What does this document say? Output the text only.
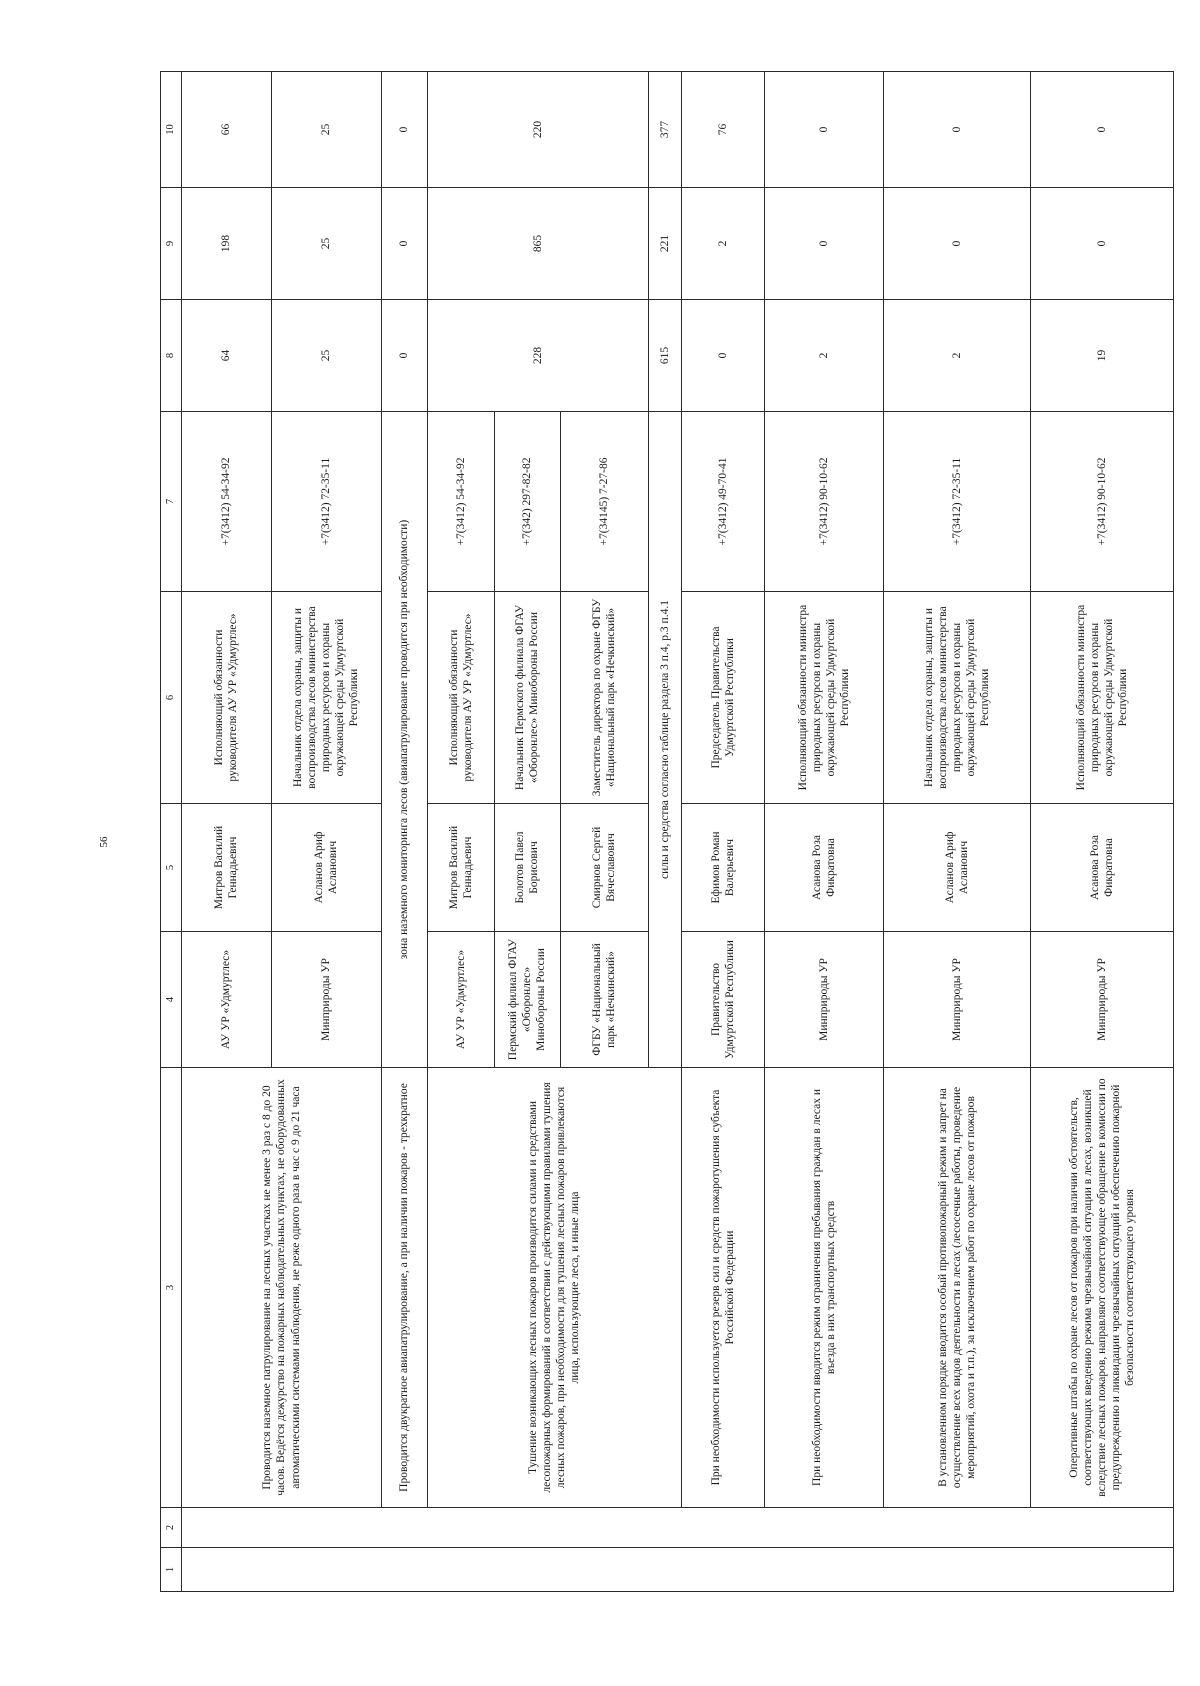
56
1	2	3	4	5	6	7	8	9	10
		Проводится наземное патрулирование на лесных участках не менее 3 раз с 8 до 20 часов. Ведётся дежурство на пожарных наблюдательных пунктах, не оборудованных автоматическими системами наблюдения, не реже одного раза в час с 9 до 21 часа	АУ УР «Удмуртлес»	Митров Василий Геннадьевич	Исполняющий обязанности руководителя АУ УР «Удмуртлес»	+7(3412) 54-34-92	64	198	66
			Минприроды УР	Асланов Ариф Асланович	Начальник отдела охраны, защиты и воспроизводства лесов министерства природных ресурсов и охраны окружающей среды Удмуртской Республики	+7(3412) 72-35-11	25	25	25
		Проводится двукратное авиапатрулирование, а при наличии пожаров - трехкратное	зона наземного мониторинга лесов (авиапатрулирование проводится при необходимости)				0	0	0
		Тушение возникающих лесных пожаров производится силами и средствами лесопожарных формирований в соответствии с действующими правилами тушения лесных пожаров, при необходимости для тушения лесных пожаров привлекаются лица, использующие леса, и иные лица	АУ УР «Удмуртлес»	Митров Василий Геннадьевич	Исполняющий обязанности руководителя АУ УР «Удмуртлес»	+7(3412) 54-34-92	228	865	220
			Пермский филиал ФГАУ «Оборонлес» Минобороны России	Болотов Павел Борисович	Начальник Пермского филиала ФГАУ «Оборонлес» Минобороны России	+7(342) 297-82-82			
			ФГБУ «Национальный парк «Нечкинский»	Смирнов Сергей Вячеславович	Заместитель директора по охране ФГБУ «Национальный парк «Нечкинский»	+7(34145) 7-27-86			
			силы и средства согласно таблице раздела 3 п.4, р.3 п.4.1				615	221	377
		При необходимости используется резерв сил и средств пожаротушения субъекта Российской Федерации	Правительство Удмуртской Республики	Ефимов Роман Валерьевич	Председатель Правительства Удмуртской Республики	+7(3412) 49-70-41	0	2	76
		При необходимости вводится режим ограничения пребывания граждан в лесах и въезда в них транспортных средств	Минприроды УР	Асанова Роза Фикратовна	Исполняющий обязанности министра природных ресурсов и охраны окружающей среды Удмуртской Республики	+7(3412) 90-10-62	2	0	0
		В установленном порядке вводится особый противопожарный режим и запрет на осуществление всех видов деятельности в лесах (лесосечные работы, проведение мероприятий, охота и т.п.), за исключением работ по охране лесов от пожаров	Минприроды УР	Асланов Ариф Асланович	Начальник отдела охраны, защиты и воспроизводства лесов министерства природных ресурсов и охраны окружающей среды Удмуртской Республики	+7(3412) 72-35-11	2	0	0
		Оперативные штабы по охране лесов от пожаров при наличии обстоятельств, соответствующих введению режима чрезвычайной ситуации в лесах, возникшей вследствие лесных пожаров, направляют соответствующее обращение в комиссии по предупреждению и ликвидации чрезвычайных ситуаций и обеспечению пожарной безопасности соответствующего уровня	Минприроды УР	Асанова Роза Фикратовна	Исполняющий обязанности министра природных ресурсов и охраны окружающей среды Удмуртской Республики	+7(3412) 90-10-62	19	0	0
